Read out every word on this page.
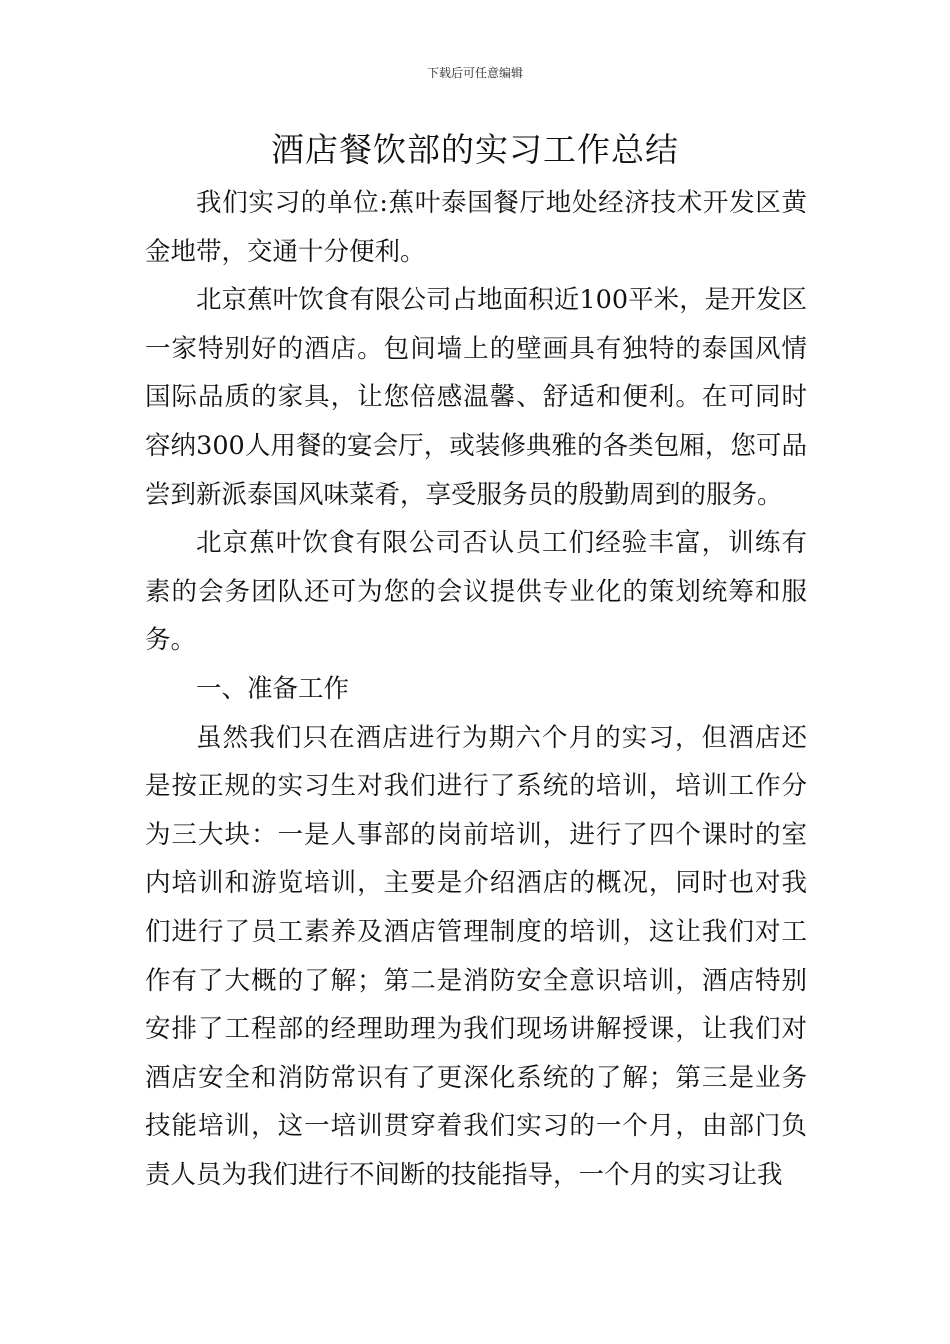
下载后可任意编辑
酒店餐饮部的实习工作总结

我们实习的单位:蕉叶泰国餐厅地处经济技术开发区黄金地带，交通十分便利。

北京蕉叶饮食有限公司占地面积近100平米，是开发区一家特别好的酒店。包间墙上的壁画具有独特的泰国风情国际品质的家具，让您倍感温馨、舒适和便利。在可同时容纳300人用餐的宴会厅，或装修典雅的各类包厢，您可品尝到新派泰国风味菜肴，享受服务员的殷勤周到的服务。

北京蕉叶饮食有限公司否认员工们经验丰富，训练有素的会务团队还可为您的会议提供专业化的策划统筹和服务。

一、准备工作

虽然我们只在酒店进行为期六个月的实习，但酒店还是按正规的实习生对我们进行了系统的培训，培训工作分为三大块：一是人事部的岗前培训，进行了四个课时的室内培训和游览培训，主要是介绍酒店的概况，同时也对我们进行了员工素养及酒店管理制度的培训，这让我们对工作有了大概的了解；第二是消防安全意识培训，酒店特别安排了工程部的经理助理为我们现场讲解授课，让我们对酒店安全和消防常识有了更深化系统的了解；第三是业务技能培训，这一培训贯穿着我们实习的一个月，由部门负责人员为我们进行不间断的技能指导，一个月的实习让我
